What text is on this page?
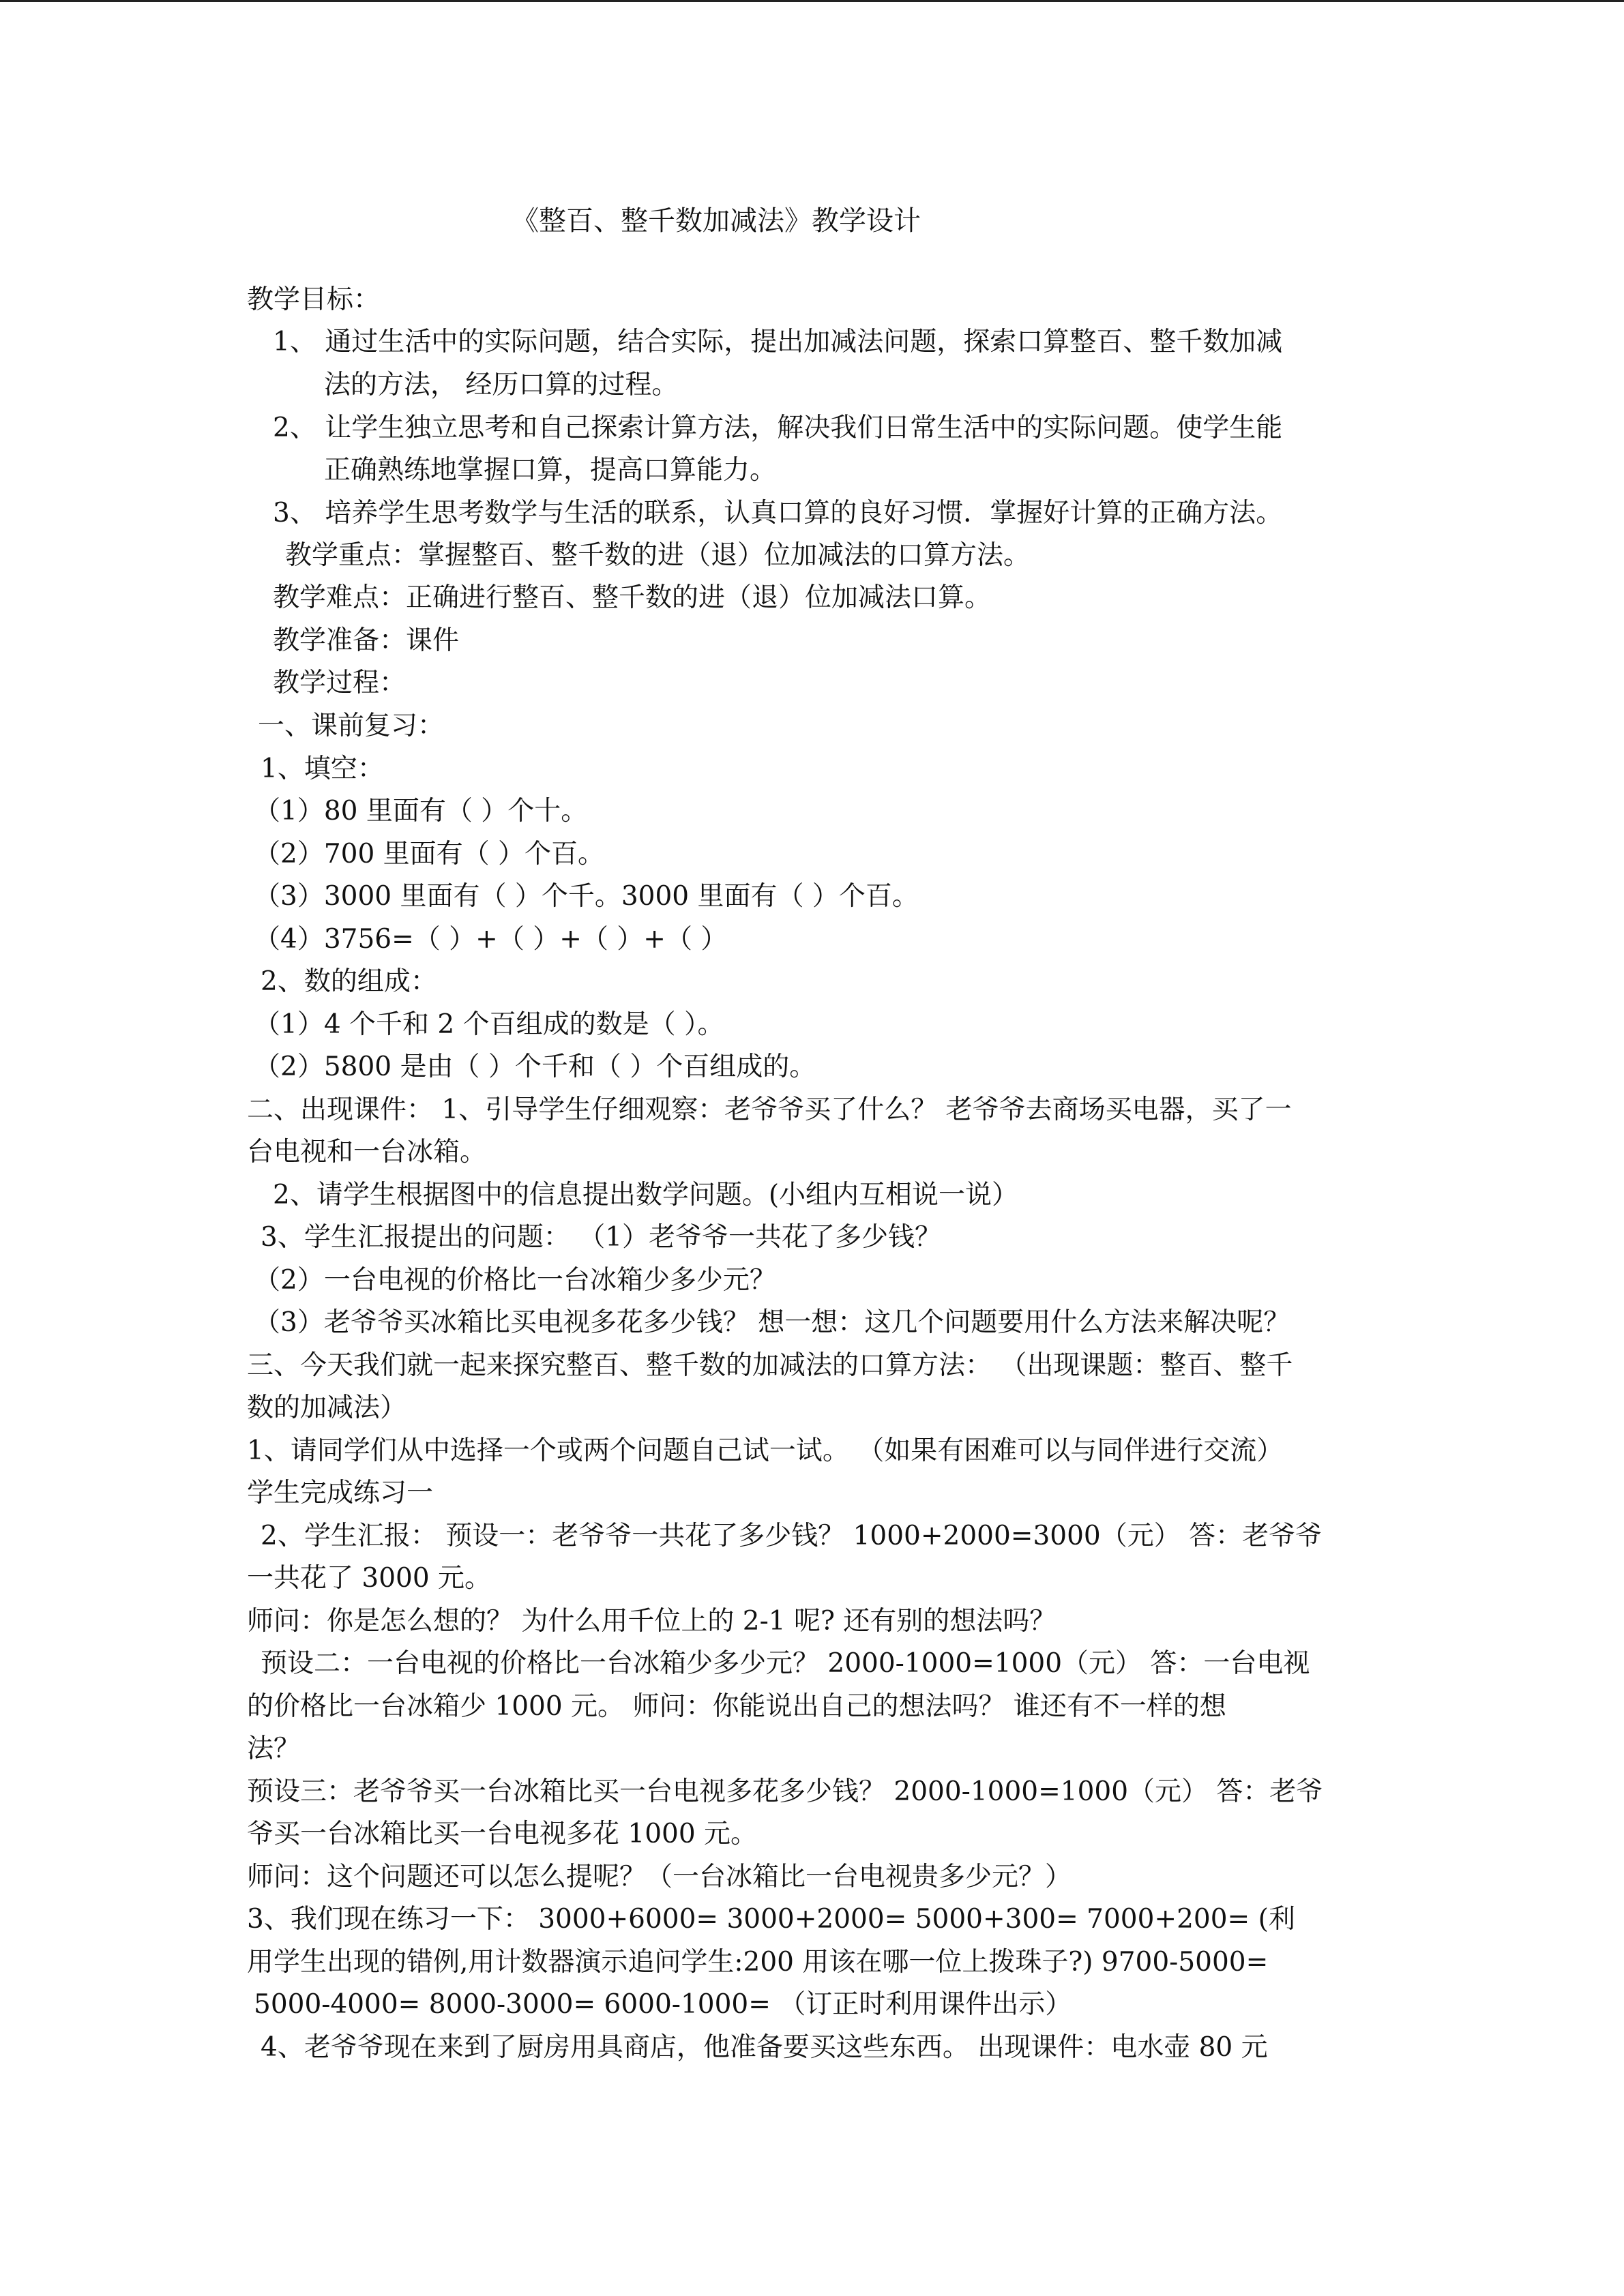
《整百、整千数加减法》教学设计
教学目标：
1、 通过生活中的实际问题，结合实际，提出加减法问题，探索口算整百、整千数加减
法的方法， 经历口算的过程。
2、 让学生独立思考和自己探索计算方法，解决我们日常生活中的实际问题。使学生能
正确熟练地掌握口算，提高口算能力。
3、 培养学生思考数学与生活的联系，认真口算的良好习惯．掌握好计算的正确方法。
教学重点：掌握整百、整千数的进（退）位加减法的口算方法。
教学难点：正确进行整百、整千数的进（退）位加减法口算。
教学准备：课件
教学过程：
一、课前复习：
1、填空：
（1）80 里面有（ ）个十。
（2）700 里面有（ ）个百。
（3）3000 里面有（ ）个千。3000 里面有（ ）个百。
（4）3756=（ ）+（ ）+（ ）+（ ）
2、数的组成：
（1）4 个千和 2 个百组成的数是（ ）。
（2）5800 是由（ ）个千和（ ）个百组成的。
二、出现课件： 1、引导学生仔细观察：老爷爷买了什么？ 老爷爷去商场买电器，买了一
台电视和一台冰箱。
2、请学生根据图中的信息提出数学问题。(小组内互相说一说）
3、学生汇报提出的问题： （1）老爷爷一共花了多少钱？
（2）一台电视的价格比一台冰箱少多少元？
（3）老爷爷买冰箱比买电视多花多少钱？ 想一想：这几个问题要用什么方法来解决呢？
三、今天我们就一起来探究整百、整千数的加减法的口算方法： （出现课题：整百、整千
数的加减法）
1、请同学们从中选择一个或两个问题自己试一试。 （如果有困难可以与同伴进行交流）
学生完成练习一
2、学生汇报： 预设一：老爷爷一共花了多少钱？ 1000+2000=3000（元） 答：老爷爷
一共花了 3000 元。
师问：你是怎么想的？ 为什么用千位上的 2-1 呢? 还有别的想法吗？
预设二：一台电视的价格比一台冰箱少多少元？ 2000-1000=1000（元） 答：一台电视
的价格比一台冰箱少 1000 元。 师问：你能说出自己的想法吗？ 谁还有不一样的想
法？
预设三：老爷爷买一台冰箱比买一台电视多花多少钱？ 2000-1000=1000（元） 答：老爷
爷买一台冰箱比买一台电视多花 1000 元。
师问：这个问题还可以怎么提呢？（一台冰箱比一台电视贵多少元？）
3、我们现在练习一下： 3000+6000= 3000+2000= 5000+300= 7000+200= (利
用学生出现的错例,用计数器演示追问学生:200 用该在哪一位上拨珠子?) 9700-5000=
5000-4000= 8000-3000= 6000-1000= （订正时利用课件出示）
4、老爷爷现在来到了厨房用具商店，他准备要买这些东西。 出现课件：电水壶 80 元
